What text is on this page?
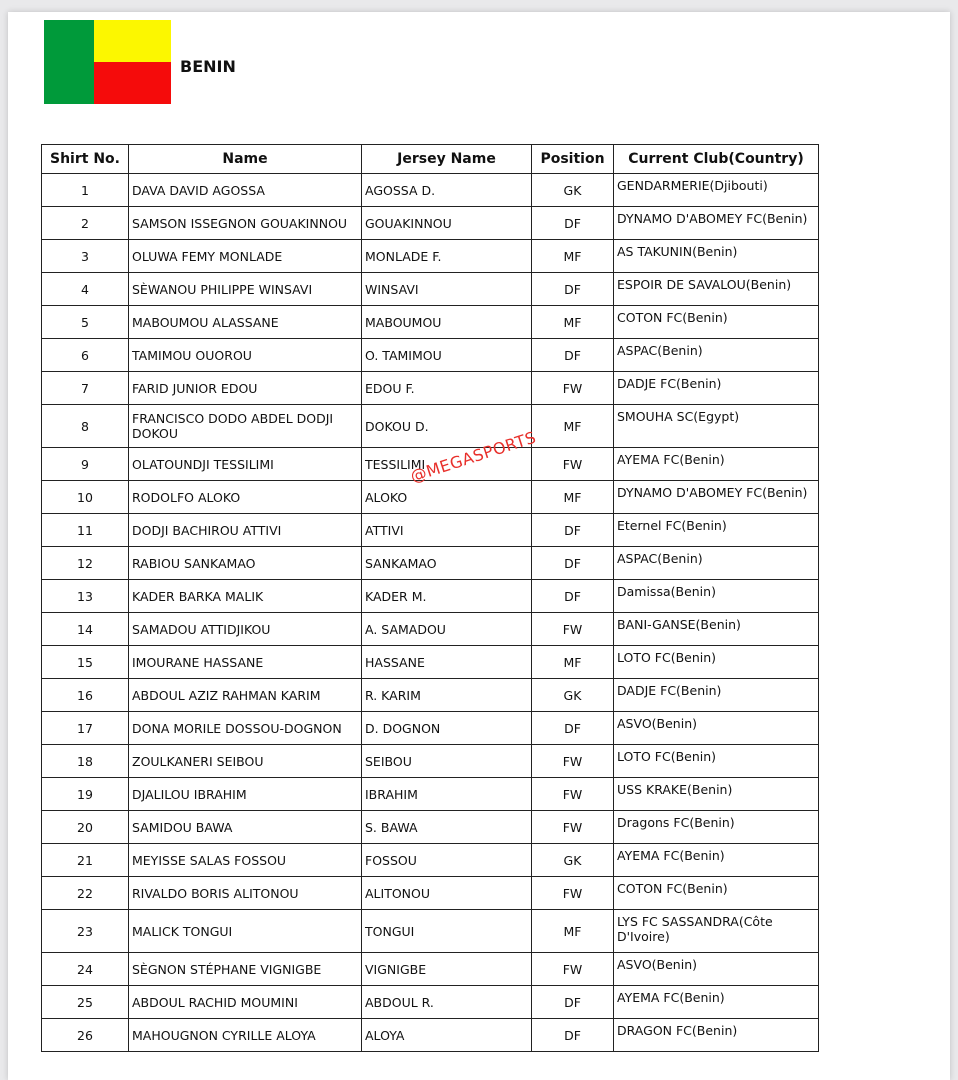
BENIN
Shirt No.	Name	Jersey Name	Position	Current Club(Country)
1	DAVA DAVID AGOSSA	AGOSSA D.	GK	GENDARMERIE(Djibouti)
2	SAMSON ISSEGNON GOUAKINNOU	GOUAKINNOU	DF	DYNAMO D'ABOMEY FC(Benin)
3	OLUWA FEMY MONLADE	MONLADE F.	MF	AS TAKUNIN(Benin)
4	SÈWANOU PHILIPPE WINSAVI	WINSAVI	DF	ESPOIR DE SAVALOU(Benin)
5	MABOUMOU ALASSANE	MABOUMOU	MF	COTON FC(Benin)
6	TAMIMOU OUOROU	O. TAMIMOU	DF	ASPAC(Benin)
7	FARID JUNIOR EDOU	EDOU F.	FW	DADJE FC(Benin)
8	FRANCISCO DODO ABDEL DODJI DOKOU	DOKOU D.	MF	SMOUHA SC(Egypt)
9	OLATOUNDJI TESSILIMI	TESSILIMI	FW	AYEMA FC(Benin)
10	RODOLFO ALOKO	ALOKO	MF	DYNAMO D'ABOMEY FC(Benin)
11	DODJI BACHIROU ATTIVI	ATTIVI	DF	Eternel FC(Benin)
12	RABIOU SANKAMAO	SANKAMAO	DF	ASPAC(Benin)
13	KADER BARKA MALIK	KADER M.	DF	Damissa(Benin)
14	SAMADOU ATTIDJIKOU	A. SAMADOU	FW	BANI-GANSE(Benin)
15	IMOURANE HASSANE	HASSANE	MF	LOTO FC(Benin)
16	ABDOUL AZIZ RAHMAN KARIM	R. KARIM	GK	DADJE FC(Benin)
17	DONA MORILE DOSSOU-DOGNON	D. DOGNON	DF	ASVO(Benin)
18	ZOULKANERI SEIBOU	SEIBOU	FW	LOTO FC(Benin)
19	DJALILOU IBRAHIM	IBRAHIM	FW	USS KRAKE(Benin)
20	SAMIDOU BAWA	S. BAWA	FW	Dragons FC(Benin)
21	MEYISSE SALAS FOSSOU	FOSSOU	GK	AYEMA FC(Benin)
22	RIVALDO BORIS ALITONOU	ALITONOU	FW	COTON FC(Benin)
23	MALICK TONGUI	TONGUI	MF	LYS FC SASSANDRA(Côte D'Ivoire)
24	SÈGNON STÉPHANE VIGNIGBE	VIGNIGBE	FW	ASVO(Benin)
25	ABDOUL RACHID MOUMINI	ABDOUL R.	DF	AYEMA FC(Benin)
26	MAHOUGNON CYRILLE ALOYA	ALOYA	DF	DRAGON FC(Benin)
@MEGASPORTS
